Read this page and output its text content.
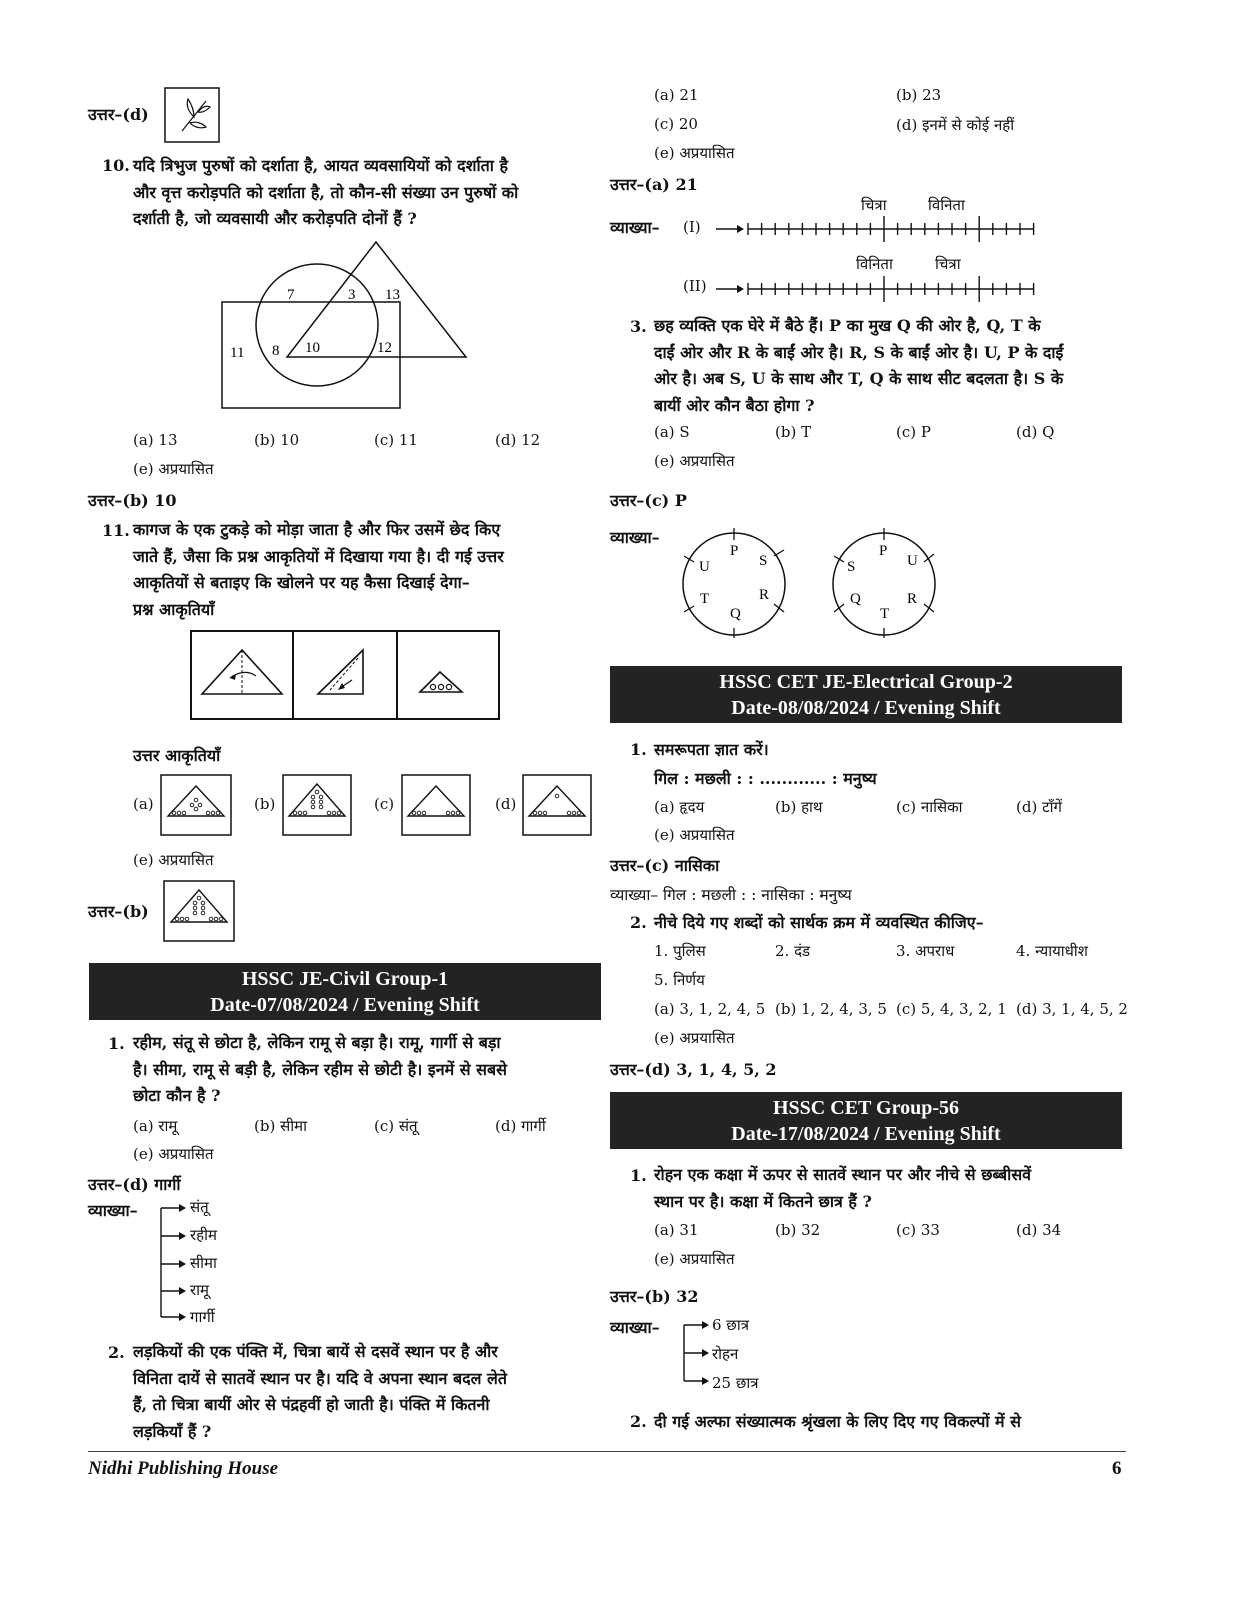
उत्तर–(d)
10. यदि त्रिभुज पुरुषों को दर्शाता है, आयत व्यवसायियों को दर्शाता है
और वृत्त करोड़पति को दर्शाता है, तो कौन-सी संख्या उन पुरुषों को
दर्शाती है, जो व्यवसायी और करोड़पति दोनों हैं ?
7	3 13
11 8 10	12
(a) 13	(b) 10	(c) 11	(d) 12
(e) अप्रयासित
उत्तर–(b) 10
11. कागज के एक टुकड़े को मोड़ा जाता है और फिर उसमें छेद किए
जाते हैं, जैसा कि प्रश्न आकृतियों में दिखाया गया है। दी गई उत्तर
आकृतियों से बताइए कि खोलने पर यह कैसा दिखाई देगा–
प्रश्न आकृतियाँ
उत्तर आकृतियाँ
(a)	(b)	(c)	(d)
(e) अप्रयासित
उत्तर–(b)
HSSC JE-Civil Group-1
Date-07/08/2024 / Evening Shift
1. रहीम, संतू से छोटा है, लेकिन रामू से बड़ा है। रामू, गार्गी से बड़ा
है। सीमा, रामू से बड़ी है, लेकिन रहीम से छोटी है। इनमें से सबसे
छोटा कौन है ?
(a) रामू	(b) सीमा	(c) संतू	(d) गार्गी
(e) अप्रयासित
उत्तर–(d) गार्गी
व्याख्या–	संतू
रहीम
सीमा
रामू
गार्गी
2. लड़कियों की एक पंक्ति में, चित्रा बायें से दसवें स्थान पर है और
विनिता दायें से सातवें स्थान पर है। यदि वे अपना स्थान बदल लेते
हैं, तो चित्रा बायीं ओर से पंद्रहवीं हो जाती है। पंक्ति में कितनी
लड़कियाँ हैं ?
(a) 21	(b) 23
(c) 20	(d) इनमें से कोई नहीं
(e) अप्रयासित
उत्तर–(a) 21
व्याख्या– (I)
चित्रा	विनिता
(II)
विनिता	चित्रा
3. छह व्यक्ति एक घेरे में बैठे हैं। P का मुख Q की ओर है, Q, T के
दाईं ओर और R के बाईं ओर है। R, S के बाईं ओर है। U, P के दाईं
ओर है। अब S, U के साथ और T, Q के साथ सीट बदलता है। S के
बायीं ओर कौन बैठा होगा ?
(a) S	(b) T	(c) P	(d) Q
(e) अप्रयासित
उत्तर–(c) P
व्याख्या–
P
S
R
Q
T
U
P
U
R
T
Q
S
HSSC CET JE-Electrical Group-2
Date-08/08/2024 / Evening Shift
1. समरूपता ज्ञात करें।
गिल : मछली : : ............ : मनुष्य
(a) हृदय	(b) हाथ	(c) नासिका	(d) टाँगें
(e) अप्रयासित
उत्तर–(c) नासिका
व्याख्या– गिल : मछली : : नासिका : मनुष्य
2. नीचे दिये गए शब्दों को सार्थक क्रम में व्यवस्थित कीजिए–
1. पुलिस	2. दंड	3. अपराध	4. न्यायाधीश
5. निर्णय
(a) 3, 1, 2, 4, 5 (b) 1, 2, 4, 3, 5 (c) 5, 4, 3, 2, 1 (d) 3, 1, 4, 5, 2
(e) अप्रयासित
उत्तर–(d) 3, 1, 4, 5, 2
HSSC CET Group-56
Date-17/08/2024 / Evening Shift
1. रोहन एक कक्षा में ऊपर से सातवें स्थान पर और नीचे से छब्बीसवें
स्थान पर है। कक्षा में कितने छात्र हैं ?
(a) 31	(b) 32	(c) 33	(d) 34
(e) अप्रयासित
उत्तर–(b) 32
व्याख्या–	6 छात्र
रोहन
25 छात्र
2. दी गई अल्फा संख्यात्मक श्रृंखला के लिए दिए गए विकल्पों में से
Nidhi Publishing House	6
